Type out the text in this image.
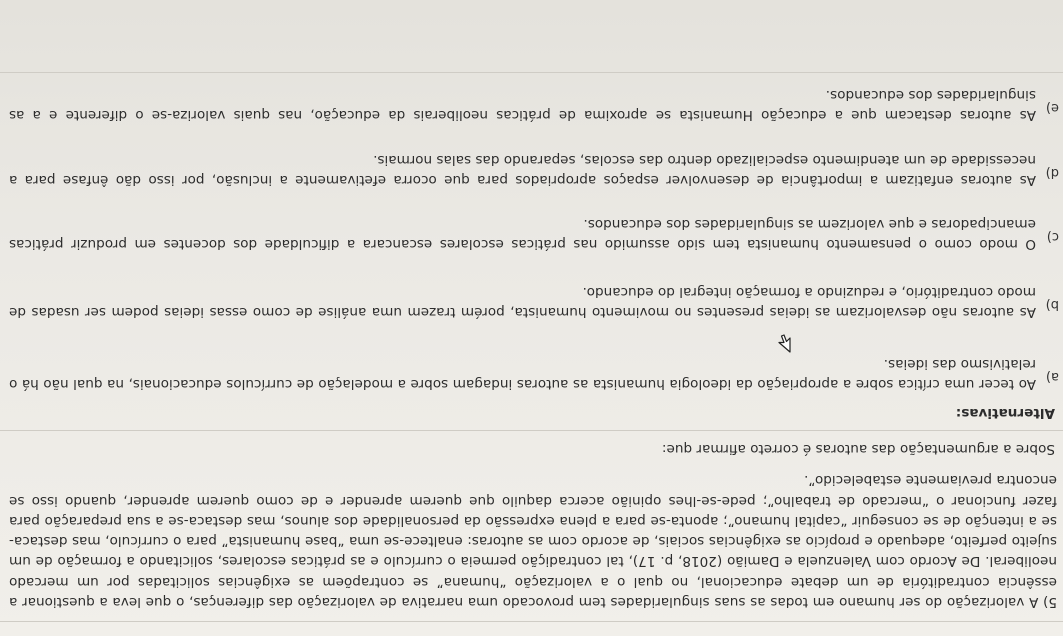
5) A valorização do ser humano em todas as suas singularidades tem provocado uma narrativa de valorização das diferenças, o que leva a questionar a essência contraditória de um debate educacional, no qual o a valorização “humana” se contrapõem as exigências solicitadas por um mercado neoliberal. De Acordo com Valenzuela e Damião (2018, p. 17), tal contradição permeia o currículo e as práticas escolares, solicitando a formação de um sujeito perfeito, adequado e propício as exigências sociais, de acordo com as autoras: enaltece-se uma “base humanista” para o currículo, mas destaca-se a intenção de se conseguir “capital humano”; aponta-se para a plena expressão da personalidade dos alunos, mas destaca-se a sua preparação para fazer funcionar o “mercado de trabalho”; pede-se-lhes opinião acerca daquilo que querem aprender e de como querem aprender, quando isso se encontra previamente estabelecido”.

Sobre a argumentação das autoras é correto afirmar que:

Alternativas:

a)

Ao tecer uma crítica sobre a apropriação da ideologia humanista as autoras indagam sobre a modelação de currículos educacionais, na qual não há o relativismo das ideias.

b)

As autoras não desvalorizam as ideias presentes no movimento humanista, porém trazem uma análise de como essas ideias podem ser usadas de modo contraditório, e reduzindo a formação integral do educando.

c)

O modo como o pensamento humanista tem sido assumido nas práticas escolares escancara a dificuldade dos docentes em produzir práticas emancipadoras e que valorizem as singularidades dos educandos.

d)

As autoras enfatizam a importância de desenvolver espaços apropriados para que ocorra efetivamente a inclusão, por isso dão ênfase para a necessidade de um atendimento especializado dentro das escolas, separando das salas normais.

e)

As autoras destacam que a educação Humanista se aproxima de práticas neoliberais da educação, nas quais valoriza-se o diferente e a as singularidades dos educandos.
